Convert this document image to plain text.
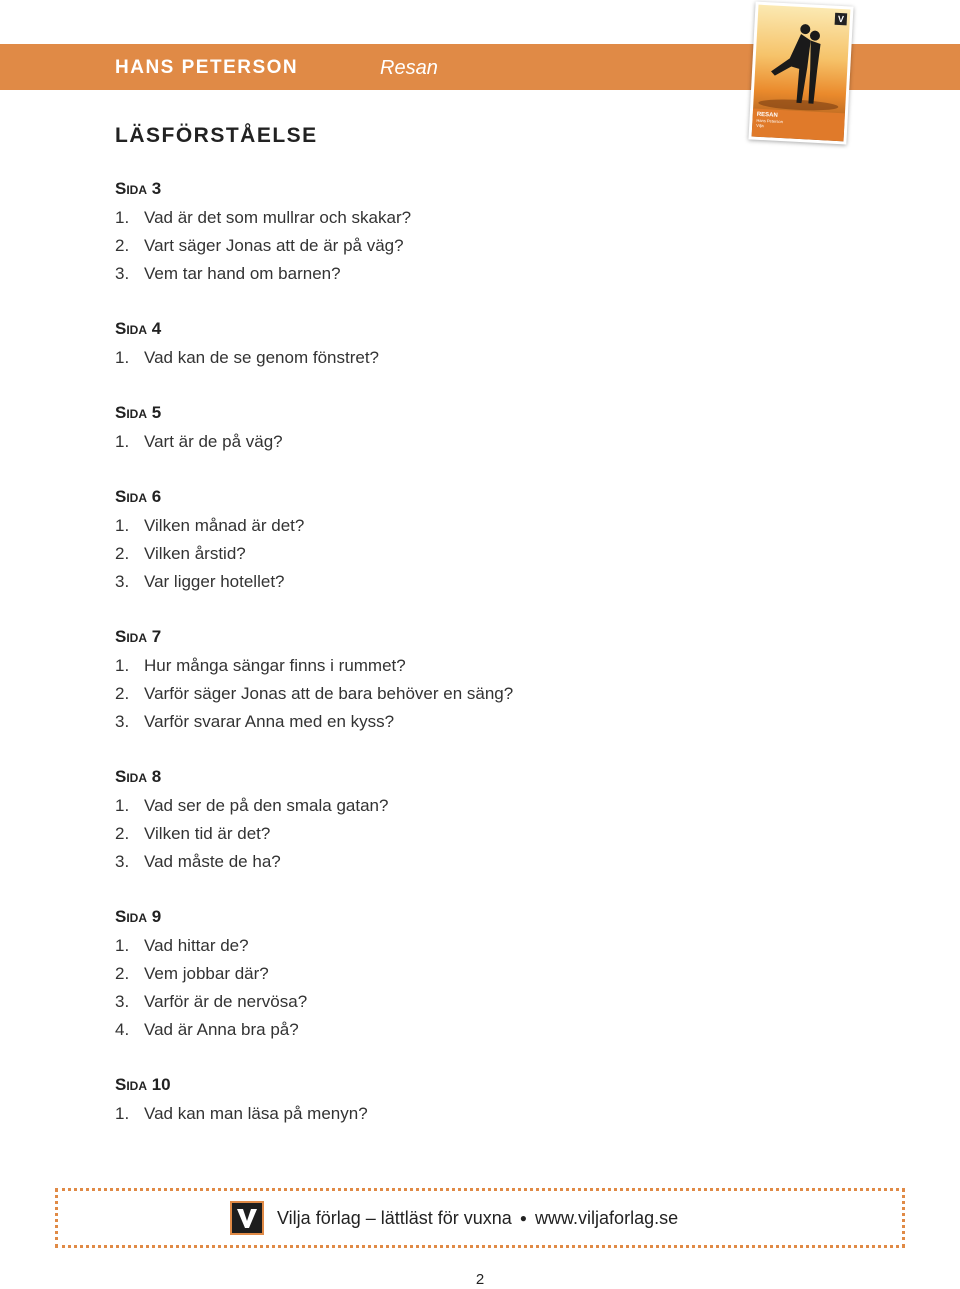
HANS PETERSON	Resan
V
RESAN
Hans Peterson
Vilja
LÄSFÖRSTÅELSE
Sida 3
1. Vad är det som mullrar och skakar?
2. Vart säger Jonas att de är på väg?
3. Vem tar hand om barnen?
Sida 4
1. Vad kan de se genom fönstret?
Sida 5
1. Vart är de på väg?
Sida 6
1. Vilken månad är det?
2. Vilken årstid?
3. Var ligger hotellet?
Sida 7
1. Hur många sängar finns i rummet?
2. Varför säger Jonas att de bara behöver en säng?
3. Varför svarar Anna med en kyss?
Sida 8
1. Vad ser de på den smala gatan?
2. Vilken tid är det?
3. Vad måste de ha?
Sida 9
1. Vad hittar de?
2. Vem jobbar där?
3. Varför är de nervösa?
4. Vad är Anna bra på?
Sida 10
1. Vad kan man läsa på menyn?
Vilja förlag – lättläst för vuxna ● www.viljaforlag.se
2
